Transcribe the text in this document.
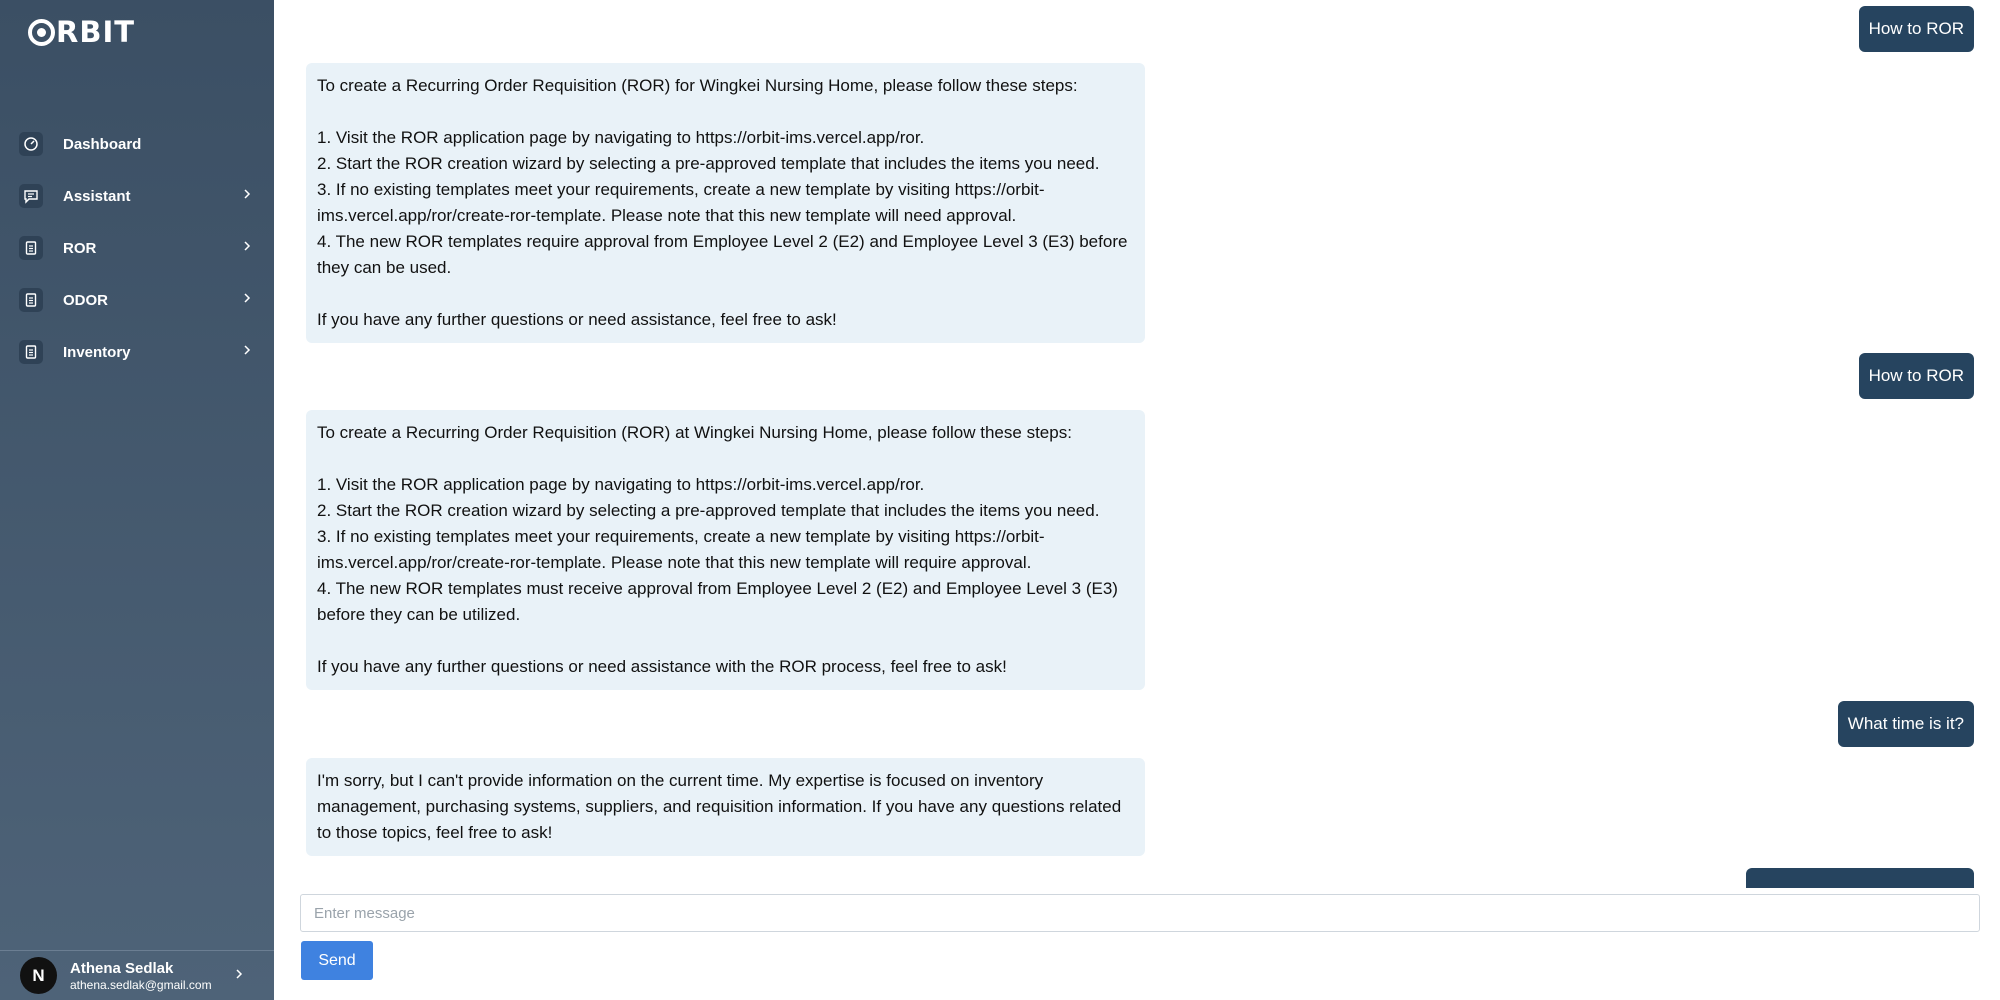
RBIT
Dashboard
Assistant
ROR
ODOR
Inventory
N	Athena Sedlak
athena.sedlak@gmail.com
How to ROR

To create a Recurring Order Requisition (ROR) for Wingkei Nursing Home, please follow these steps:

1. Visit the ROR application page by navigating to https://orbit-ims.vercel.app/ror.
2. Start the ROR creation wizard by selecting a pre-approved template that includes the items you need.
3. If no existing templates meet your requirements, create a new template by visiting https://orbit-ims.vercel.app/ror/create-ror-template. Please note that this new template will need approval.
4. The new ROR templates require approval from Employee Level 2 (E2) and Employee Level 3 (E3) before they can be used.

If you have any further questions or need assistance, feel free to ask!

How to ROR

To create a Recurring Order Requisition (ROR) at Wingkei Nursing Home, please follow these steps:

1. Visit the ROR application page by navigating to https://orbit-ims.vercel.app/ror.
2. Start the ROR creation wizard by selecting a pre-approved template that includes the items you need.
3. If no existing templates meet your requirements, create a new template by visiting https://orbit-ims.vercel.app/ror/create-ror-template. Please note that this new template will require approval.
4. The new ROR templates must receive approval from Employee Level 2 (E2) and Employee Level 3 (E3) before they can be utilized.

If you have any further questions or need assistance with the ROR process, feel free to ask!

What time is it?

I'm sorry, but I can't provide information on the current time. My expertise is focused on inventory management, purchasing systems, suppliers, and requisition information. If you have any questions related to those topics, feel free to ask!

Enter message
Send
